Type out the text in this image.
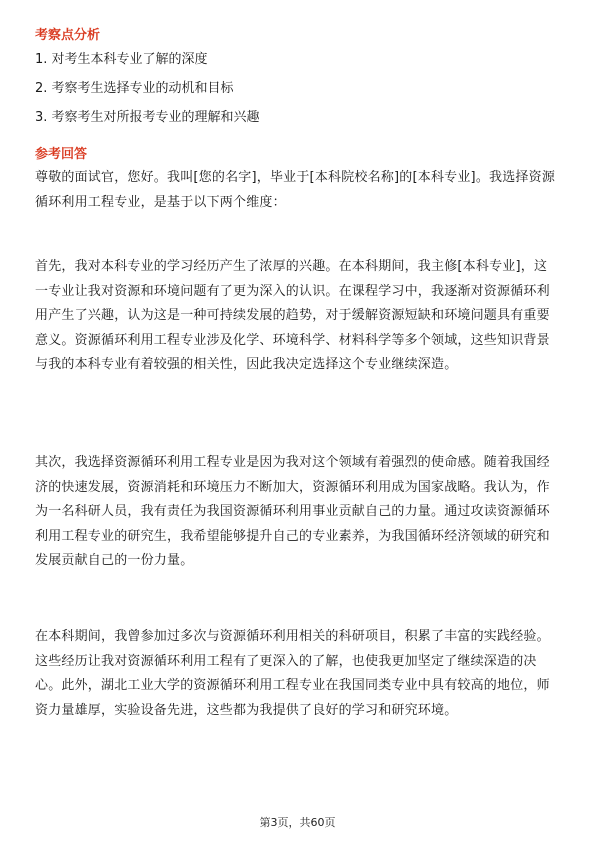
考察点分析
1. 对考生本科专业了解的深度
2. 考察考生选择专业的动机和目标
3. 考察考生对所报考专业的理解和兴趣
参考回答
尊敬的面试官，您好。我叫[您的名字]，毕业于[本科院校名称]的[本科专业]。我选择资源循环利用工程专业，是基于以下两个维度：
首先，我对本科专业的学习经历产生了浓厚的兴趣。在本科期间，我主修[本科专业]，这一专业让我对资源和环境问题有了更为深入的认识。在课程学习中，我逐渐对资源循环利用产生了兴趣，认为这是一种可持续发展的趋势，对于缓解资源短缺和环境问题具有重要意义。资源循环利用工程专业涉及化学、环境科学、材料科学等多个领域，这些知识背景与我的本科专业有着较强的相关性，因此我决定选择这个专业继续深造。
其次，我选择资源循环利用工程专业是因为我对这个领域有着强烈的使命感。随着我国经济的快速发展，资源消耗和环境压力不断加大，资源循环利用成为国家战略。我认为，作为一名科研人员，我有责任为我国资源循环利用事业贡献自己的力量。通过攻读资源循环利用工程专业的研究生，我希望能够提升自己的专业素养，为我国循环经济领域的研究和发展贡献自己的一份力量。
在本科期间，我曾参加过多次与资源循环利用相关的科研项目，积累了丰富的实践经验。这些经历让我对资源循环利用工程有了更深入的了解，也使我更加坚定了继续深造的决心。此外，湖北工业大学的资源循环利用工程专业在我国同类专业中具有较高的地位，师资力量雄厚，实验设备先进，这些都为我提供了良好的学习和研究环境。
第3页，共60页
